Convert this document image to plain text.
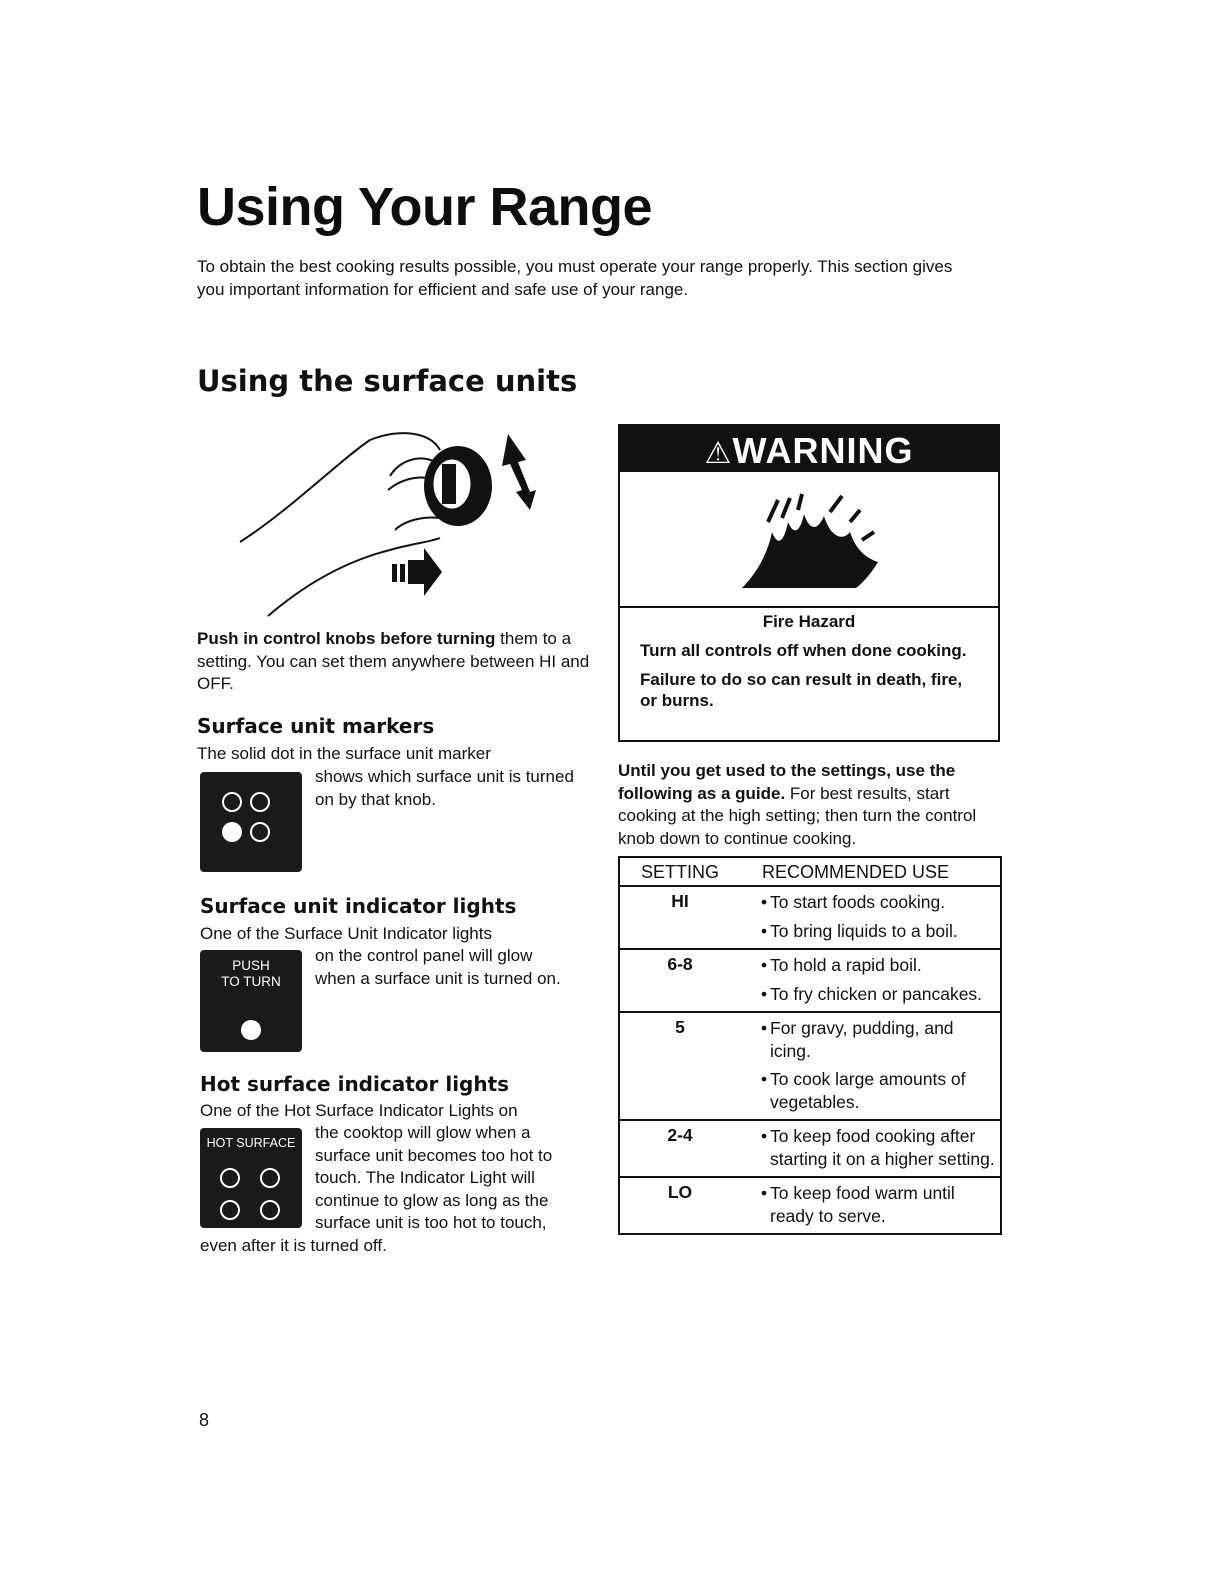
Using Your Range
To obtain the best cooking results possible, you must operate your range properly. This section gives you important information for efficient and safe use of your range.
Using the surface units
Push in control knobs before turning them to a setting. You can set them anywhere between HI and OFF.
Surface unit markers
The solid dot in the surface unit marker
shows which surface unit is turned on by that knob.
Surface unit indicator lights
One of the Surface Unit Indicator lights
PUSH
TO TURN
on the control panel will glow when a surface unit is turned on.
Hot surface indicator lights
One of the Hot Surface Indicator Lights on
HOT SURFACE
the cooktop will glow when a surface unit becomes too hot to touch. The Indicator Light will continue to glow as long as the surface unit is too hot to touch,
even after it is turned off.
⚠WARNING
Fire Hazard
Turn all controls off when done cooking.
Failure to do so can result in death, fire, or burns.
Until you get used to the settings, use the following as a guide. For best results, start cooking at the high setting; then turn the control knob down to continue cooking.
SETTING	RECOMMENDED USE
HI	• To start foods cooking.
• To bring liquids to a boil.

6-8	• To hold a rapid boil.
• To fry chicken or pancakes.

5	• For gravy, pudding, and icing.
• To cook large amounts of vegetables.

2-4	• To keep food cooking after starting it on a higher setting.

LO	• To keep food warm until ready to serve.
8
